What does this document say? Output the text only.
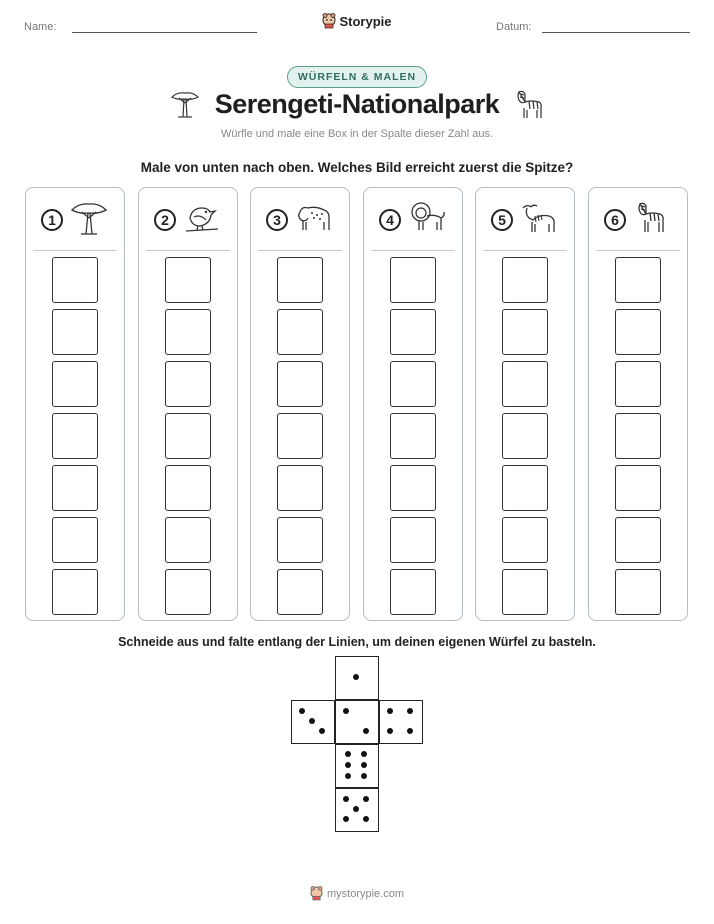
Name:	Storypie	Datum:
WÜRFELN & MALEN
Serengeti-Nationalpark
Würfle und male eine Box in der Spalte dieser Zahl aus.
Male von unten nach oben. Welches Bild erreicht zuerst die Spitze?
1	2	3	4	5	6
Schneide aus und falte entlang der Linien, um deinen eigenen Würfel zu basteln.
mystorypie.com
